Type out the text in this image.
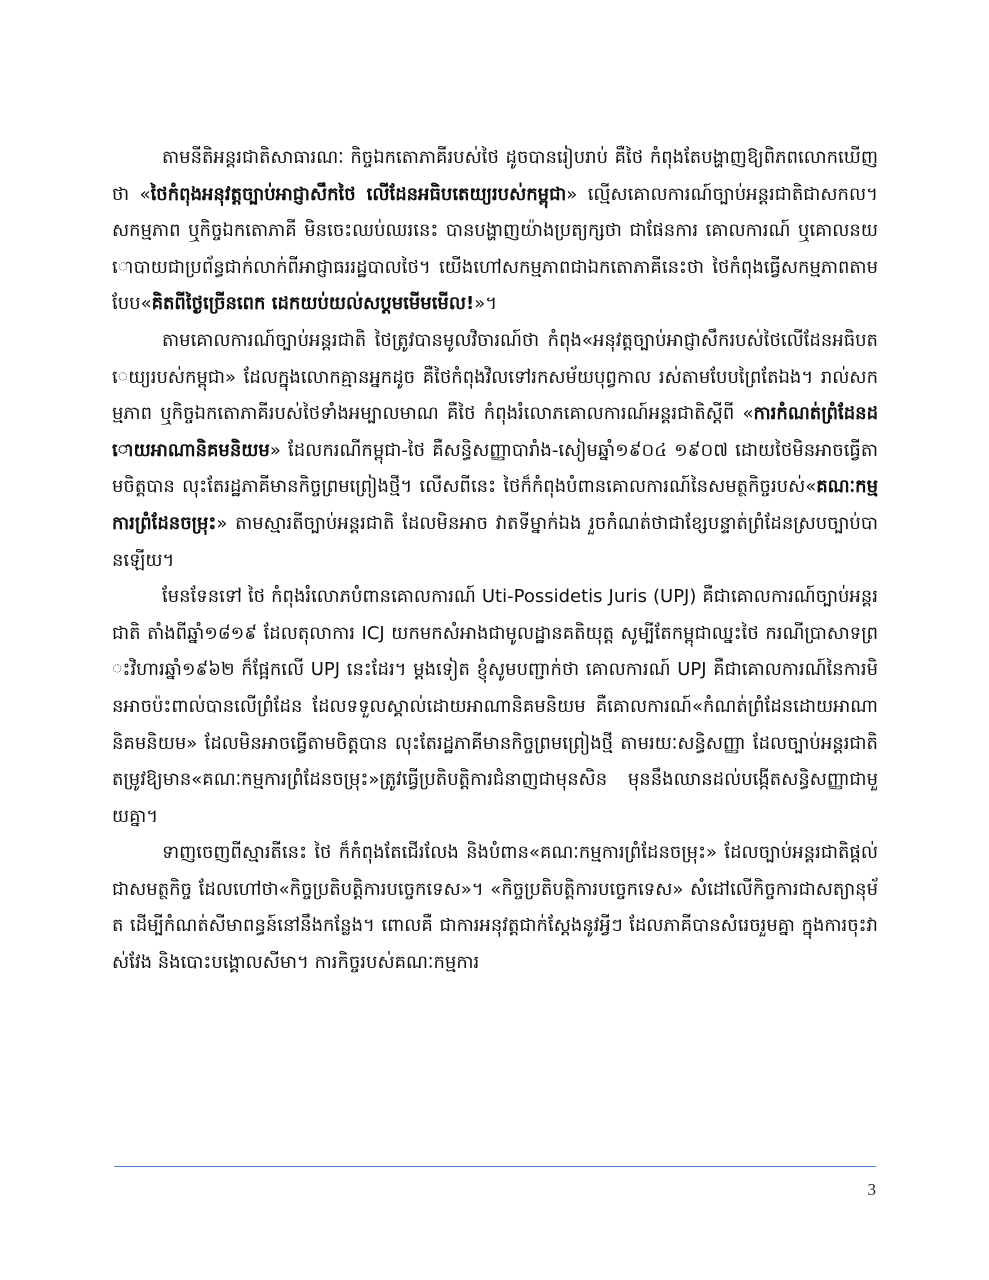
តាមនីតិអន្តរជាតិសាធារណៈ កិច្ចឯកតោភាគីរបស់ថៃ ដូចបានរៀបរាប់ គឺថៃ កំពុងតែបង្ហាញឱ្យពិភពលោកឃើញថា «ថៃកំពុងអនុវត្តច្បាប់អាជ្ញាសឹកថៃ លើដែនអធិបតេយ្យរបស់កម្ពុជា» ល្មើសគោលការណ៍ច្បាប់អន្តរជាតិជាសកល។ សកម្មភាព ឬកិច្ចឯកតោភាគី មិនចេះឈប់ឈរនេះ បានបង្ហាញយ៉ាងប្រត្យក្សថា ជាផែនការ គោលការណ៍ ឬគោលនយោបាយជាប្រព័ន្ធជាក់លាក់ពីអាជ្ញាធររដ្ឋបាលថៃ។ យើងហៅសកម្មភាពជាឯកតោភាគីនេះថា ថៃកំពុងធ្វើសកម្មភាពតាមបែប«គិតពីថ្ងៃច្រើនពេក ដេកយប់យល់សប្តមមើមមើល!»។

តាមគោលការណ៍ច្បាប់អន្តរជាតិ ថៃត្រូវបានមូលវិចារណ៍ថា កំពុង«អនុវត្តច្បាប់អាជ្ញាសឹករបស់ថៃលើដែនអធិបតេយ្យរបស់កម្ពុជា» ដែលក្នុងលោកគ្មានអ្នកដូច គឺថៃកំពុងវិលទៅរកសម័យបុព្វកាល រស់តាមបែបព្រៃតែឯង។ រាល់សកម្មភាព ឬកិច្ចឯកតោភាគីរបស់ថៃទាំងអម្បាលមាណ គឺថៃ កំពុងរំលោភគោលការណ៍អន្តរជាតិស្តីពី «ការកំណត់ព្រំដែនដោយអាណានិគមនិយម» ដែលករណីកម្ពុជា-ថៃ គឺសន្ធិសញ្ញាបារាំង-សៀមឆ្នាំ១៩០៤ ១៩០៧ ដោយថៃមិនអាចធ្វើតាមចិត្តបាន លុះតែរដ្ឋភាគីមានកិច្ចព្រមព្រៀងថ្មី។ លើសពីនេះ ថៃក៏កំពុងបំពានគោលការណ៍នៃសមត្ថកិច្ចរបស់«គណៈកម្មការព្រំដែនចម្រុះ» តាមស្មារតីច្បាប់អន្តរជាតិ ដែលមិនអាច វាតទីម្នាក់ឯង រួចកំណត់ថាជាខ្សែបន្ទាត់ព្រំដែនស្របច្បាប់បានឡើយ។

មែនទែនទៅ ថៃ កំពុងរំលោភបំពានគោលការណ៍ Uti-Possidetis Juris (UPJ) គឺជាគោលការណ៍ច្បាប់អន្តរជាតិ តាំងពីឆ្នាំ១៨១៩ ដែលតុលាការ ICJ យកមកសំអាងជាមូលដ្ឋានគតិយុត្ត សូម្បីតែកម្ពុជាឈ្នះថៃ ករណីប្រាសាទព្រះវិហារឆ្នាំ១៩៦២ ក៏ផ្អែកលើ UPJ នេះដែរ។ ម្តងទៀត ខ្ញុំសូមបញ្ជាក់ថា គោលការណ៍ UPJ គឺជាគោលការណ៍នៃការមិនអាចប៉ះពាល់បានលើព្រំដែន ដែលទទួលស្គាល់ដោយអាណានិគមនិយម គឺគោលការណ៍«កំណត់ព្រំដែនដោយអាណានិគមនិយម» ដែលមិនអាចធ្វើតាមចិត្តបាន លុះតែរដ្ឋភាគីមានកិច្ចព្រមព្រៀងថ្មី តាមរយៈសន្ធិសញ្ញា ដែលច្បាប់អន្តរជាតិតម្រូវឱ្យមាន«គណៈកម្មការព្រំដែនចម្រុះ»ត្រូវធ្វើប្រតិបត្តិការជំនាញជាមុនសិន មុននឹងឈានដល់បង្កើតសន្ធិសញ្ញាជាមួយគ្នា។

ទាញចេញពីស្មារតីនេះ ថៃ ក៏កំពុងតែជើរលែង និងបំពាន«គណៈកម្មការព្រំដែនចម្រុះ» ដែលច្បាប់អន្តរជាតិផ្តល់ជាសមត្ថកិច្ច ដែលហៅថា«កិច្ចប្រតិបត្តិការបច្ចេកទេស»។ «កិច្ចប្រតិបត្តិការបច្ចេកទេស» សំដៅលើកិច្ចការជាសត្យានុម័ត ដើម្បីកំណត់សីមាពន្ធន៍នៅនឹងកន្លែង។ ពោលគឺ ជាការអនុវត្តជាក់ស្តែងនូវអ្វីៗ ដែលភាគីបានសំរេចរួមគ្នា ក្នុងការចុះវាស់វែង និងបោះបង្គោលសីមា។ ការកិច្ចរបស់គណៈកម្មការ

3
